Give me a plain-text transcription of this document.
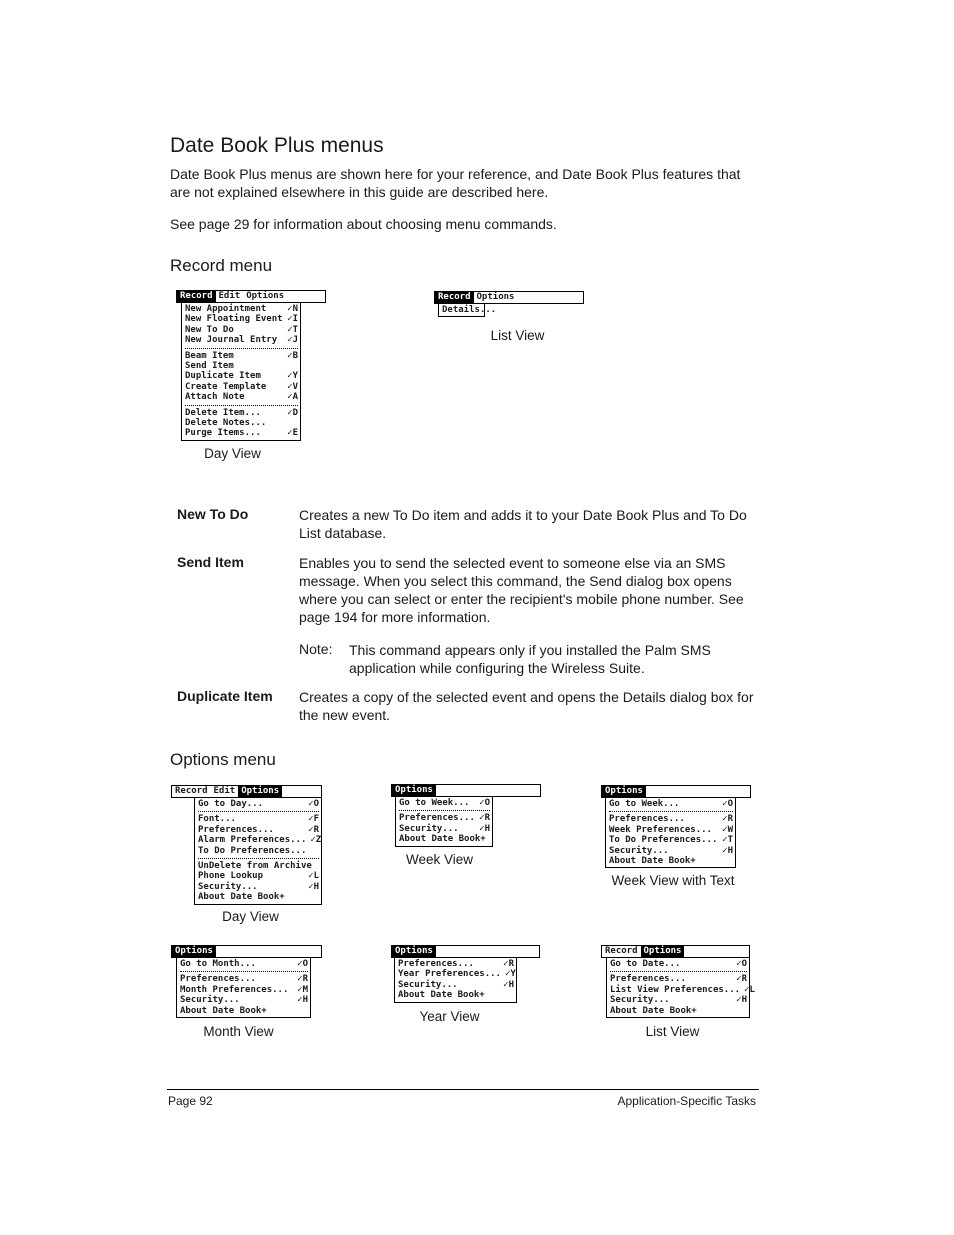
Date Book Plus menus
Date Book Plus menus are shown here for your reference, and Date Book Plus features that are not explained elsewhere in this guide are described here.
See page 29 for information about choosing menu commands.
Record menu
Record Edit Options
New Appointment	✓N
New Floating Event ✓I
New To Do	✓T
New Journal Entry	✓J
Beam Item	✓B
Send Item
Duplicate Item	✓Y
Create Template	✓V
Attach Note	✓A
Delete Item...	✓D
Delete Notes...
Purge Items...	✓E
Day View
Record Options
Details...
List View
New To Do	Creates a new To Do item and adds it to your Date Book Plus and To Do List database.
Send Item	Enables you to send the selected event to someone else via an SMS message. When you select this command, the Send dialog box opens where you can select or enter the recipient's mobile phone number. See page 194 for more information.
Note: This command appears only if you installed the Palm SMS application while configuring the Wireless Suite.
Duplicate Item Creates a copy of the selected event and opens the Details dialog box for the new event.
Options menu
Record Edit Options
Go to Day...	✓O
Font...	✓F
Preferences...	✓R
Alarm Preferences... ✓Z
To Do Preferences...
UnDelete from Archive
Phone Lookup	✓L
Security...	✓H
About Date Book+
Day View
Options
Go to Week...	✓O
Preferences... ✓R
Security...	✓H
About Date Book+
Week View
Options
Go to Week...	✓O
Preferences...	✓R
Week Preferences...	✓W
To Do Preferences... ✓T
Security...	✓H
About Date Book+
Week View with Text
Options
Go to Month...	✓O
Preferences...	✓R
Month Preferences... ✓M
Security...	✓H
About Date Book+
Month View
Options
Preferences...	✓R
Year Preferences... ✓Y
Security...	✓H
About Date Book+
Year View
Record Options
Go to Date...	✓O
Preferences...	✓R
List View Preferences... ✓L
Security...	✓H
About Date Book+
List View
Page 92	Application-Specific Tasks
